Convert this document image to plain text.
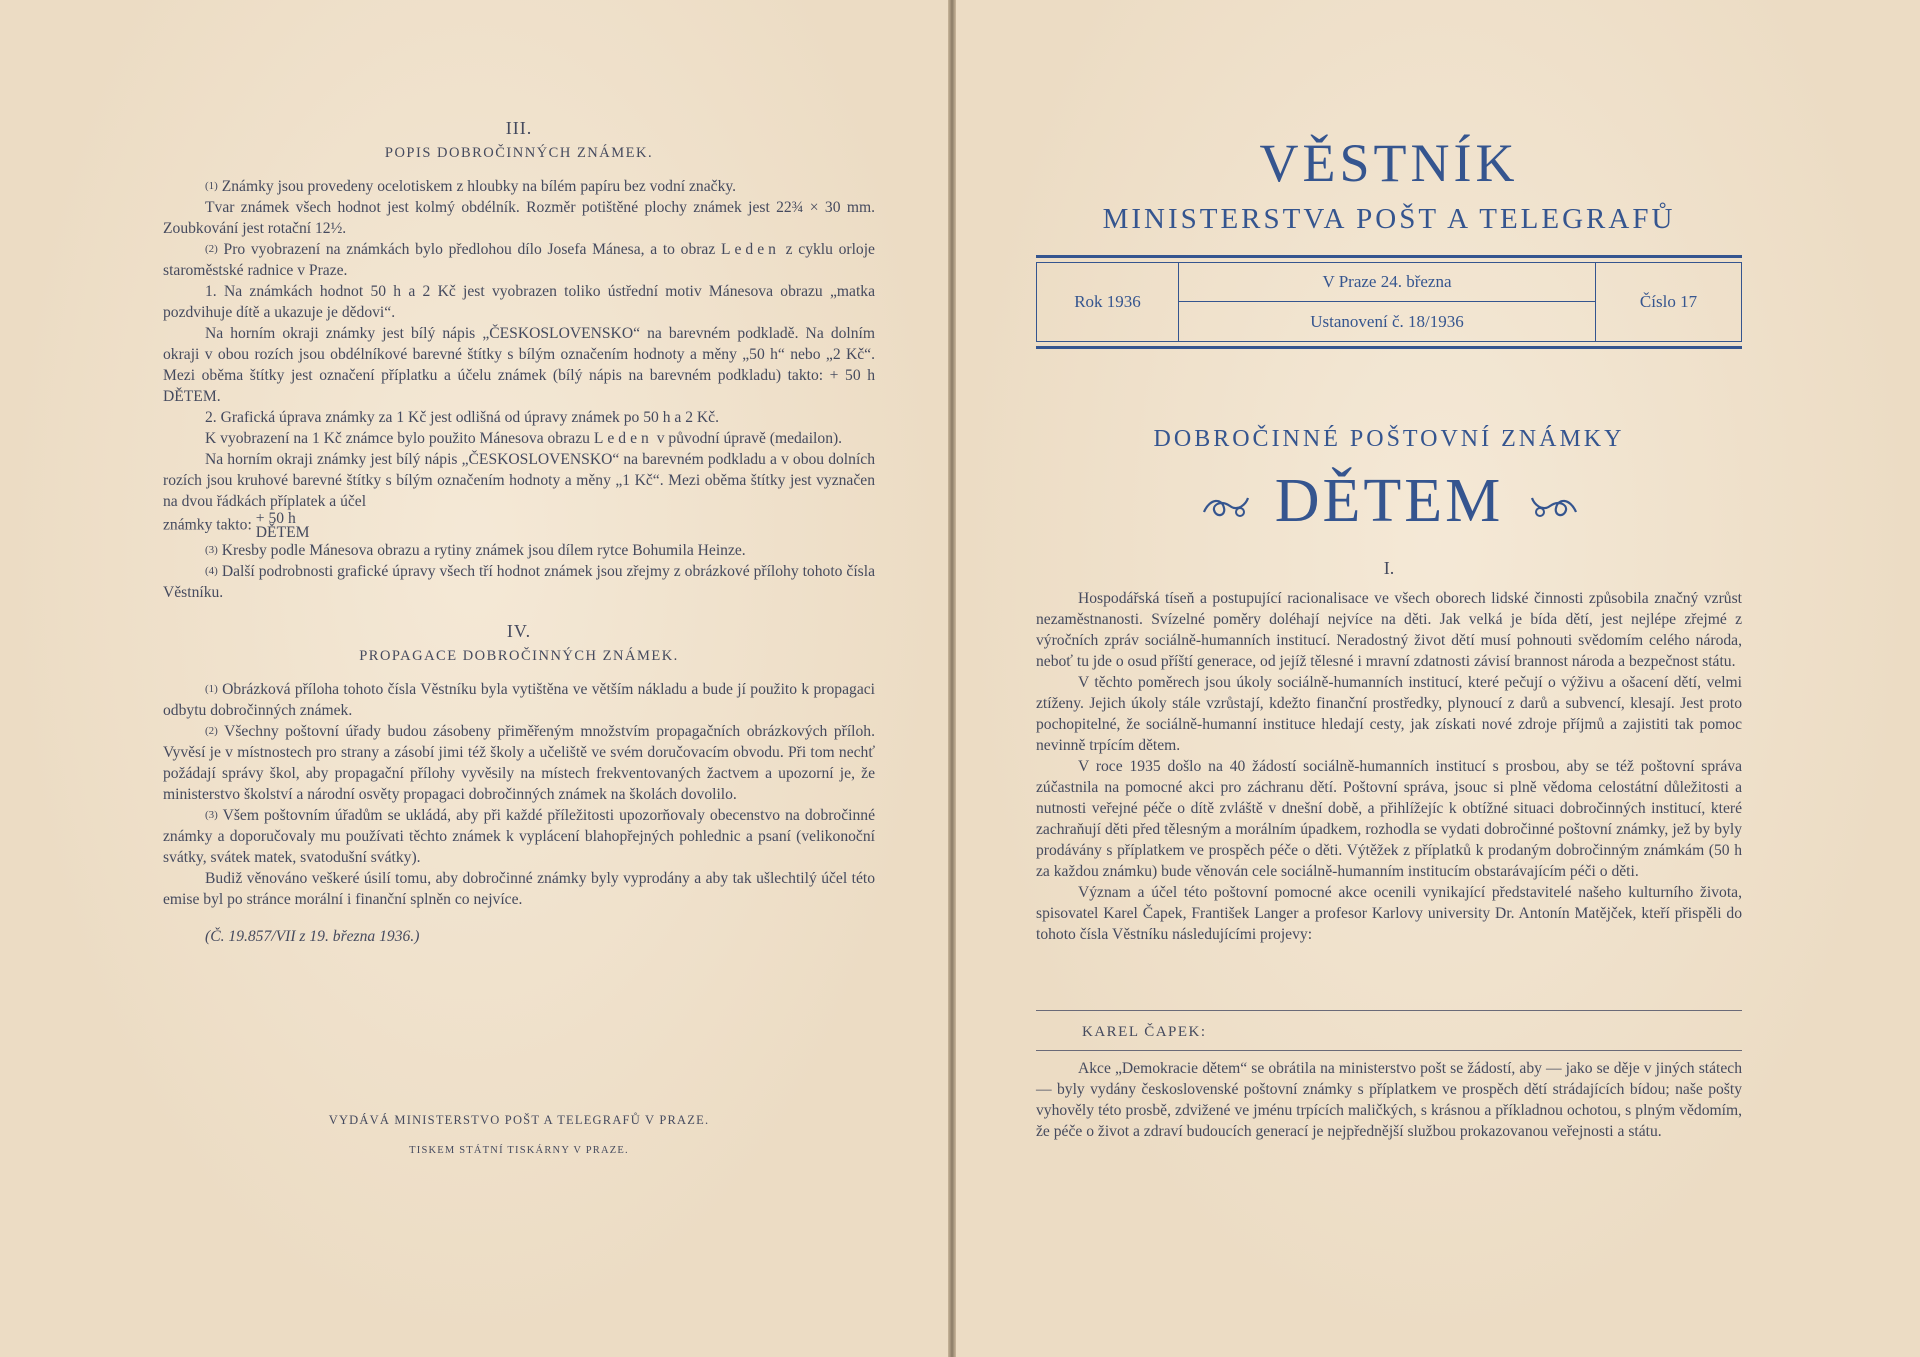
III.
POPIS DOBROČINNÝCH ZNÁMEK.

(1) Známky jsou provedeny ocelotiskem z hloubky na bílém papíru bez vodní značky.

Tvar známek všech hodnot jest kolmý obdélník. Rozměr potištěné plochy známek jest 22¾ × 30 mm. Zoubkování jest rotační 12½.

(2) Pro vyobrazení na známkách bylo předlohou dílo Josefa Mánesa, a to obraz Leden z cyklu orloje staroměstské radnice v Praze.

1. Na známkách hodnot 50 h a 2 Kč jest vyobrazen toliko ústřední motiv Mánesova obrazu „matka pozdvihuje dítě a ukazuje je dědovi“.

Na horním okraji známky jest bílý nápis „ČESKOSLOVENSKO“ na barevném podkladě. Na dolním okraji v obou rozích jsou obdélníkové barevné štítky s bílým označením hodnoty a měny „50 h“ nebo „2 Kč“. Mezi oběma štítky jest označení příplatku a účelu známek (bílý nápis na barevném podkladu) takto: + 50 h DĚTEM.

2. Grafická úprava známky za 1 Kč jest odlišná od úpravy známek po 50 h a 2 Kč.

K vyobrazení na 1 Kč známce bylo použito Mánesova obrazu Leden v původní úpravě (medailon).

Na horním okraji známky jest bílý nápis „ČESKOSLOVENSKO“ na barevném podkladu a v obou dolních rozích jsou kruhové barevné štítky s bílým označením hodnoty a měny „1 Kč“. Mezi oběma štítky jest vyznačen na dvou řádkách příplatek a účel

známky takto: + 50 h
DĚTEM

(3) Kresby podle Mánesova obrazu a rytiny známek jsou dílem rytce Bohumila Heinze.

(4) Další podrobnosti grafické úpravy všech tří hodnot známek jsou zřejmy z obrázkové přílohy tohoto čísla Věstníku.

IV.
PROPAGACE DOBROČINNÝCH ZNÁMEK.

(1) Obrázková příloha tohoto čísla Věstníku byla vytištěna ve větším nákladu a bude jí použito k propagaci odbytu dobročinných známek.

(2) Všechny poštovní úřady budou zásobeny přiměřeným množstvím propagačních obrázkových příloh. Vyvěsí je v místnostech pro strany a zásobí jimi též školy a učeliště ve svém doručovacím obvodu. Při tom nechť požádají správy škol, aby propagační přílohy vyvěsily na místech frekventovaných žactvem a upozorní je, že ministerstvo školství a národní osvěty propagaci dobročinných známek na školách dovolilo.

(3) Všem poštovním úřadům se ukládá, aby při každé příležitosti upozorňovaly obecenstvo na dobročinné známky a doporučovaly mu používati těchto známek k vyplácení blahopřejných pohlednic a psaní (velikonoční svátky, svátek matek, svatodušní svátky).

Budiž věnováno veškeré úsilí tomu, aby dobročinné známky byly vyprodány a aby tak ušlechtilý účel této emise byl po stránce morální i finanční splněn co nejvíce.

(Č. 19.857/VII z 19. března 1936.)

VYDÁVÁ MINISTERSTVO POŠT A TELEGRAFŮ V PRAZE.
TISKEM STÁTNÍ TISKÁRNY V PRAZE.
VĚSTNÍK
MINISTERSTVA POŠT A TELEGRAFŮ
Rok 1936
V Praze 24. března
Ustanovení č. 18/1936
Číslo 17
DOBROČINNÉ POŠTOVNÍ ZNÁMKY
DĚTEM
I.

Hospodářská tíseň a postupující racionalisace ve všech oborech lidské činnosti způsobila značný vzrůst nezaměstnanosti. Svízelné poměry doléhají nejvíce na děti. Jak velká je bída dětí, jest nejlépe zřejmé z výročních zpráv sociálně-humanních institucí. Neradostný život dětí musí pohnouti svědomím celého národa, neboť tu jde o osud příští generace, od jejíž tělesné i mravní zdatnosti závisí brannost národa a bezpečnost státu.

V těchto poměrech jsou úkoly sociálně-humanních institucí, které pečují o výživu a ošacení dětí, velmi ztíženy. Jejich úkoly stále vzrůstají, kdežto finanční prostředky, plynoucí z darů a subvencí, klesají. Jest proto pochopitelné, že sociálně-humanní instituce hledají cesty, jak získati nové zdroje příjmů a zajistiti tak pomoc nevinně trpícím dětem.

V roce 1935 došlo na 40 žádostí sociálně-humanních institucí s prosbou, aby se též poštovní správa zúčastnila na pomocné akci pro záchranu dětí. Poštovní správa, jsouc si plně vědoma celostátní důležitosti a nutnosti veřejné péče o dítě zvláště v dnešní době, a přihlížejíc k obtížné situaci dobročinných institucí, které zachraňují děti před tělesným a morálním úpadkem, rozhodla se vydati dobročinné poštovní známky, jež by byly prodávány s příplatkem ve prospěch péče o děti. Výtěžek z příplatků k prodaným dobročinným známkám (50 h za každou známku) bude věnován cele sociálně-humanním institucím obstarávajícím péči o děti.

Význam a účel této poštovní pomocné akce ocenili vynikající představitelé našeho kulturního života, spisovatel Karel Čapek, František Langer a profesor Karlovy university Dr. Antonín Matějček, kteří přispěli do tohoto čísla Věstníku následujícími projevy:

KAREL ČAPEK:

Akce „Demokracie dětem“ se obrátila na ministerstvo pošt se žádostí, aby — jako se děje v jiných státech — byly vydány československé poštovní známky s příplatkem ve prospěch dětí strádajících bídou; naše pošty vyhověly této prosbě, zdvižené ve jménu trpících maličkých, s krásnou a příkladnou ochotou, s plným vědomím, že péče o život a zdraví budoucích generací je nejpřednější službou prokazovanou veřejnosti a státu.
